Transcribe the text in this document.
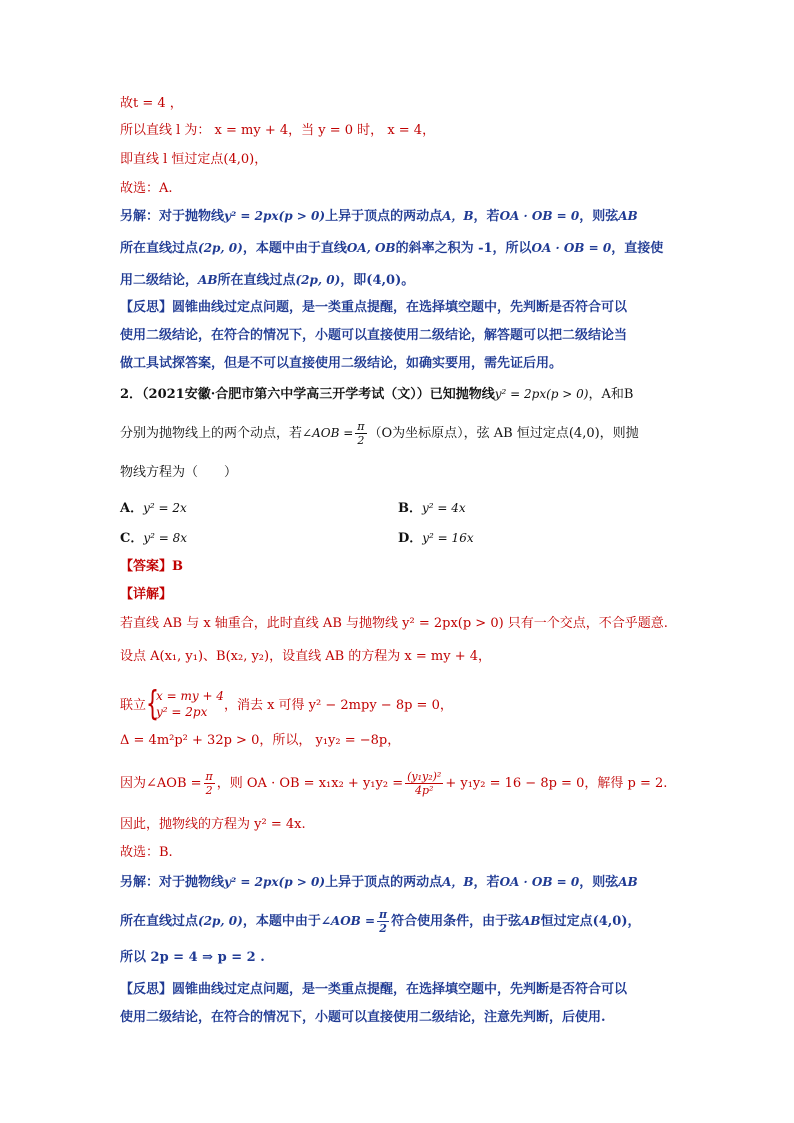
故t = 4 ，
所以直线 l 为： x = my + 4，当 y = 0 时， x = 4，
即直线 l 恒过定点(4,0)，
故选：A.
另解：对于抛物线y² = 2px(p > 0)上异于顶点的两动点A，B，若OA · OB = 0，则弦AB
所在直线过点(2p, 0)，本题中由于直线OA, OB的斜率之积为 -1，所以OA · OB = 0，直接使
用二级结论，AB所在直线过点(2p, 0)，即(4,0)。
【反思】圆锥曲线过定点问题，是一类重点提醒，在选择填空题中，先判断是否符合可以
使用二级结论，在符合的情况下，小题可以直接使用二级结论，解答题可以把二级结论当
做工具试探答案，但是不可以直接使用二级结论，如确实要用，需先证后用。
2．（2021安徽·合肥市第六中学高三开学考试（文））已知抛物线y² = 2px(p > 0)，A和B
分别为抛物线上的两个动点，若∠AOB = $\frac{\pi}{2} (O$为坐标原点），弦 AB 恒过定点(4,0)，则抛
物线方程为（　　）
A．y² = 2x	B．y² = 4x
C．y² = 8x	D．y² = 16x
【答案】B
【详解】
若直线 AB 与 x 轴重合，此时直线 AB 与抛物线 y² = 2px(p > 0) 只有一个交点，不合乎题意.
设点 A(x₁, y₁)、B(x₂, y₂)，设直线 AB 的方程为 x = my + 4，
联立 {
x = my + 4
y² = 2px	，消去 x 可得 y² − 2mpy − 8p = 0，
Δ = 4m²p² + 32p > 0，所以， y₁y₂ = −8p，
因为∠AOB = $\frac{\pi}{2}$ ，则 OA · OB = $x_1x_2 + y_1y_2 = \frac{\text{(y₁y₂)²}}{\text{4p²}} + y_1y_2 = 16 - 8p = 0$，解得 p = 2.
因此，抛物线的方程为 y² = 4x.
故选：B.
另解：对于抛物线y² = 2px(p > 0)上异于顶点的两动点A，B，若OA · OB = 0，则弦AB
所在直线过点(2p, 0)，本题中由于∠AOB = $\frac{\pi}{2}$ 符合使用条件，由于弦AB恒过定点(4,0)，
所以 2p = 4 ⇒ p = 2 .
【反思】圆锥曲线过定点问题，是一类重点提醒，在选择填空题中，先判断是否符合可以
使用二级结论，在符合的情况下，小题可以直接使用二级结论，注意先判断，后使用.
